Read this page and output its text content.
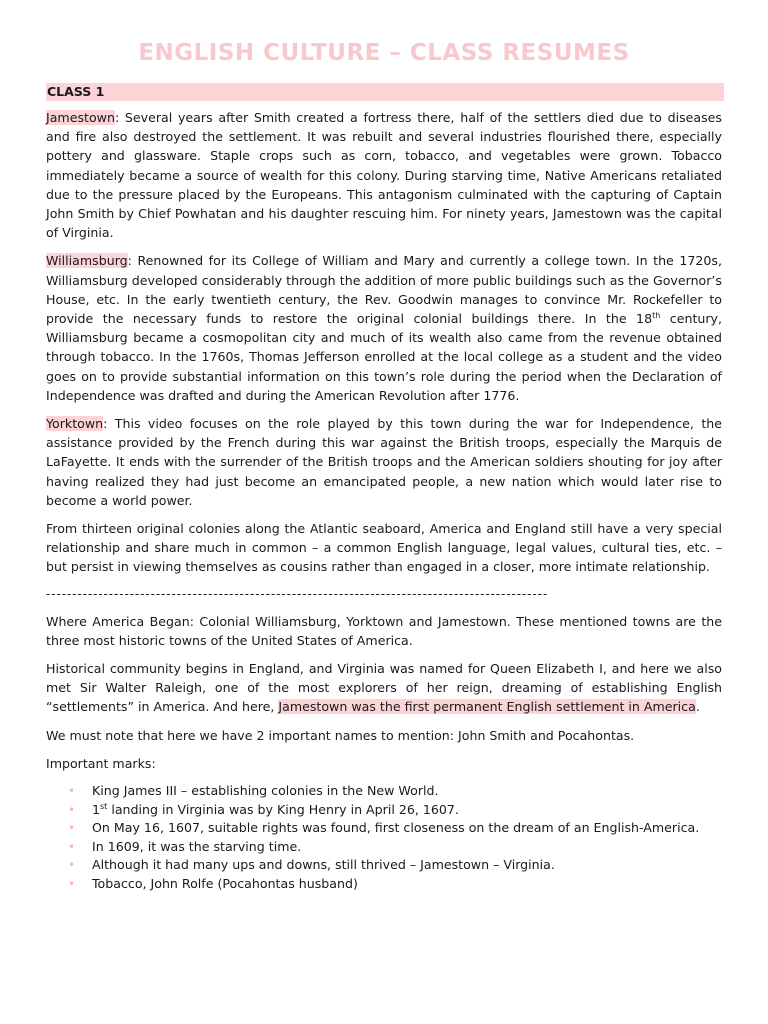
ENGLISH CULTURE – CLASS RESUMES
CLASS 1

Jamestown: Several years after Smith created a fortress there, half of the settlers died due to diseases and fire also destroyed the settlement. It was rebuilt and several industries flourished there, especially pottery and glassware. Staple crops such as corn, tobacco, and vegetables were grown. Tobacco immediately became a source of wealth for this colony. During starving time, Native Americans retaliated due to the pressure placed by the Europeans. This antagonism culminated with the capturing of Captain John Smith by Chief Powhatan and his daughter rescuing him. For ninety years, Jamestown was the capital of Virginia.

Williamsburg: Renowned for its College of William and Mary and currently a college town. In the 1720s, Williamsburg developed considerably through the addition of more public buildings such as the Governor’s House, etc. In the early twentieth century, the Rev. Goodwin manages to convince Mr. Rockefeller to provide the necessary funds to restore the original colonial buildings there. In the 18th century, Williamsburg became a cosmopolitan city and much of its wealth also came from the revenue obtained through tobacco. In the 1760s, Thomas Jefferson enrolled at the local college as a student and the video goes on to provide substantial information on this town’s role during the period when the Declaration of Independence was drafted and during the American Revolution after 1776.

Yorktown: This video focuses on the role played by this town during the war for Independence, the assistance provided by the French during this war against the British troops, especially the Marquis de LaFayette. It ends with the surrender of the British troops and the American soldiers shouting for joy after having realized they had just become an emancipated people, a new nation which would later rise to become a world power.

From thirteen original colonies along the Atlantic seaboard, America and England still have a very special relationship and share much in common – a common English language, legal values, cultural ties, etc. – but persist in viewing themselves as cousins rather than engaged in a closer, more intimate relationship.

------------------------------------------------------------------------------------------------

Where America Began: Colonial Williamsburg, Yorktown and Jamestown. These mentioned towns are the three most historic towns of the United States of America.

Historical community begins in England, and Virginia was named for Queen Elizabeth I, and here we also met Sir Walter Raleigh, one of the most explorers of her reign, dreaming of establishing English “settlements” in America. And here, Jamestown was the first permanent English settlement in America.

We must note that here we have 2 important names to mention: John Smith and Pocahontas.

Important marks:

• King James III – establishing colonies in the New World.
• 1st landing in Virginia was by King Henry in April 26, 1607.
• On May 16, 1607, suitable rights was found, first closeness on the dream of an English-America.
• In 1609, it was the starving time.
• Although it had many ups and downs, still thrived – Jamestown – Virginia.
• Tobacco, John Rolfe (Pocahontas husband)
